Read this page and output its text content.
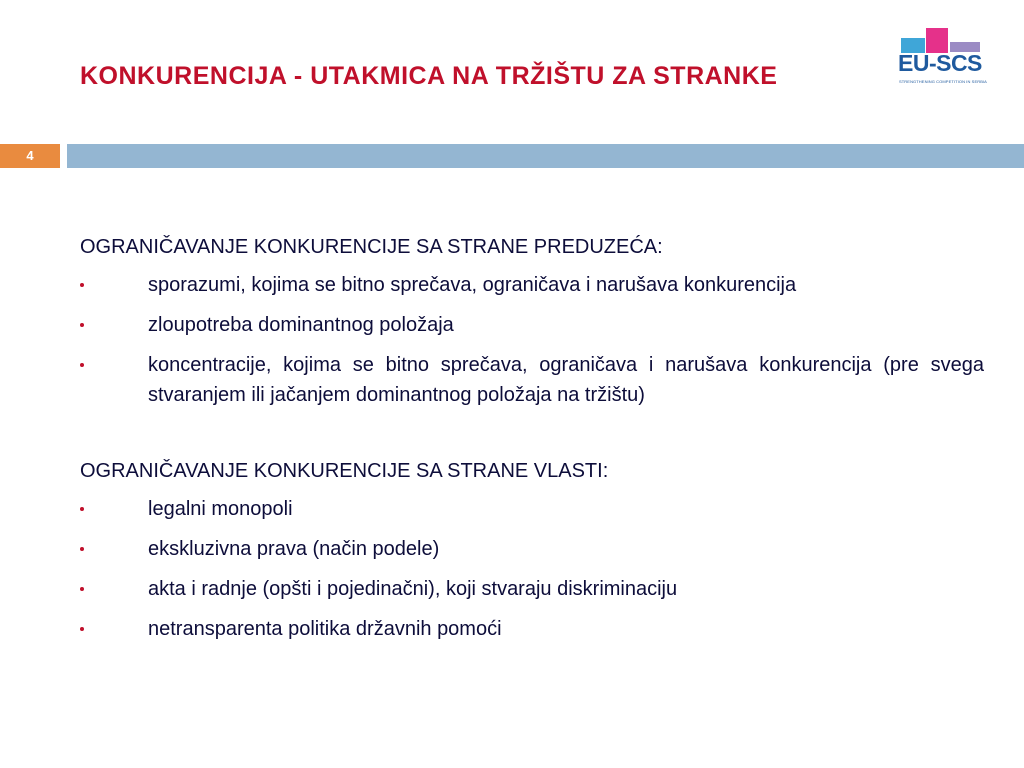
KONKURENCIJA - UTAKMICA NA TRŽIŠTU ZA STRANKE	EU-SCS
STRENGTHENING COMPETITION IN SERBIA
4
OGRANIČAVANJE KONKURENCIJE SA STRANE PREDUZEĆA:
sporazumi, kojima se bitno sprečava, ograničava i narušava konkurencija
zloupotreba dominantnog položaja
koncentracije, kojima se bitno sprečava, ograničava i narušava konkurencija (pre svega stvaranjem ili jačanjem dominantnog položaja na tržištu)
OGRANIČAVANJE KONKURENCIJE SA STRANE VLASTI:
legalni monopoli
ekskluzivna prava (način podele)
akta i radnje (opšti i pojedinačni), koji stvaraju diskriminaciju
netransparenta politika državnih pomoći
